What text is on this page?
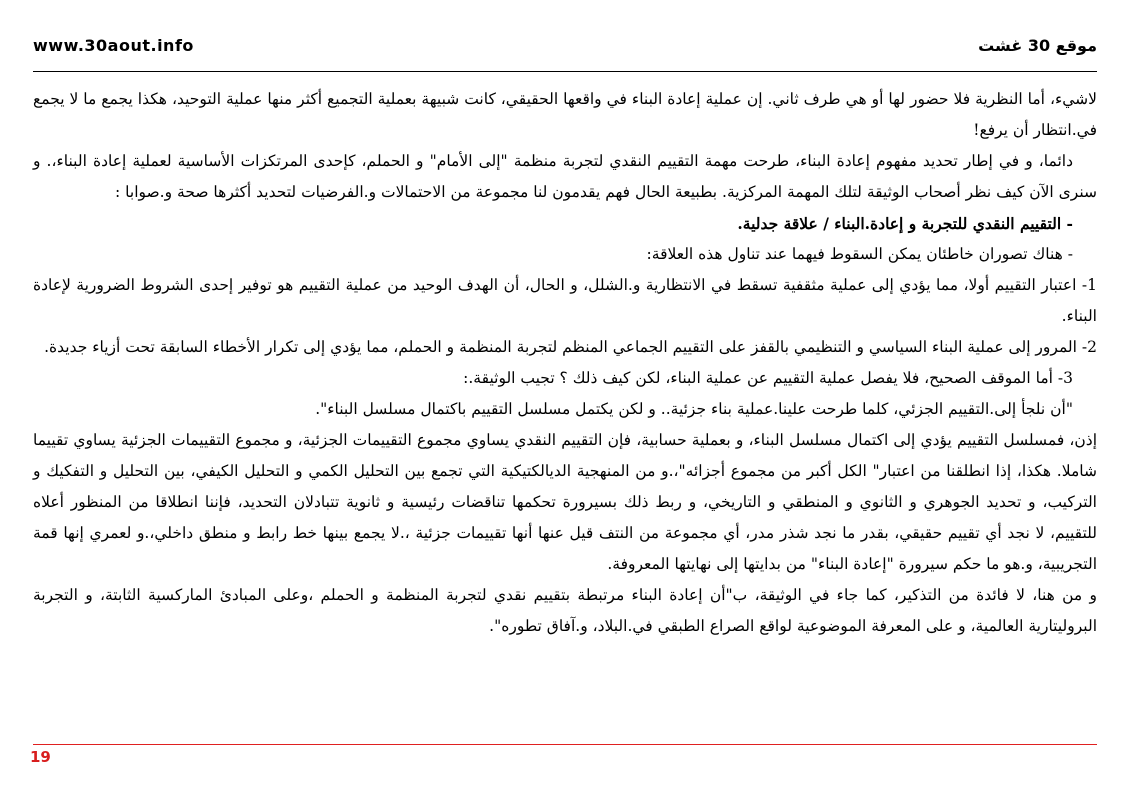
www.30aout.info	موقع 30 غشت

لاشيء، أما النظرية فلا حضور لها أو هي طرف ثاني. إن عملية إعادة البناء في واقعها الحقيقي، كانت شبيهة بعملية التجميع أكثر منها عملية التوحيد، هكذا يجمع ما لا يجمع في.انتظار أن يرفع!

دائما، و في إطار تحديد مفهوم إعادة البناء، طرحت مهمة التقييم النقدي لتجربة منظمة "إلى الأمام" و الحملم، كإحدى المرتكزات الأساسية لعملية إعادة البناء،. و سنرى الآن كيف نظر أصحاب الوثيقة لتلك المهمة المركزية. بطبيعة الحال فهم يقدمون لنا مجموعة من الاحتمالات و.الفرضيات لتحديد أكثرها صحة و.صوابا :

- التقييم النقدي للتجربة و إعادة.البناء / علاقة جدلية.

- هناك تصوران خاطئان يمكن السقوط فيهما عند تناول هذه العلاقة:

1- اعتبار التقييم أولا، مما يؤدي إلى عملية مثقفية تسقط في الانتظارية و.الشلل، و الحال، أن الهدف الوحيد من عملية التقييم هو توفير إحدى الشروط الضرورية لإعادة البناء.

2- المرور إلى عملية البناء السياسي و التنظيمي بالقفز على التقييم الجماعي المنظم لتجربة المنظمة و الحملم، مما يؤدي إلى تكرار الأخطاء السابقة تحت أزياء جديدة.

3- أما الموقف الصحيح، فلا يفصل عملية التقييم عن عملية البناء، لكن كيف ذلك ؟ تجيب الوثيقة.:

"أن نلجأ إلى.التقييم الجزئي، كلما طرحت علينا.عملية بناء جزئية.. و لكن يكتمل مسلسل التقييم باكتمال مسلسل البناء".

إذن، فمسلسل التقييم يؤدي إلى اكتمال مسلسل البناء، و بعملية حسابية، فإن التقييم النقدي يساوي مجموع التقييمات الجزئية، و مجموع التقييمات الجزئية يساوي تقييما شاملا. هكذا، إذا انطلقنا من اعتبار" الكل أكبر من مجموع أجزائه"،.و من المنهجية الديالكتيكية التي تجمع بين التحليل الكمي و التحليل الكيفي، بين التحليل و التفكيك و التركيب، و تحديد الجوهري و الثانوي و المنطقي و التاريخي، و ربط ذلك بسيرورة تحكمها تناقضات رئيسية و ثانوية تتبادلان التحديد، فإننا انطلاقا من المنظور أعلاه للتقييم، لا نجد أي تقييم حقيقي، بقدر ما نجد شذر مدر، أي مجموعة من النتف قيل عنها أنها تقييمات جزئية ،.لا يجمع بينها خط رابط و منطق داخلي،.و لعمري إنها قمة التجريبية، و.هو ما حكم سيرورة "إعادة البناء" من بدايتها إلى نهايتها المعروفة.

و من هنا، لا فائدة من التذكير، كما جاء في الوثيقة، ب"أن إعادة البناء مرتبطة بتقييم نقدي لتجربة المنظمة و الحملم ،وعلى المبادئ الماركسية الثابتة، و التجربة البروليتارية العالمية، و على المعرفة الموضوعية لواقع الصراع الطبقي في.البلاد، و.آفاق تطوره".

19
